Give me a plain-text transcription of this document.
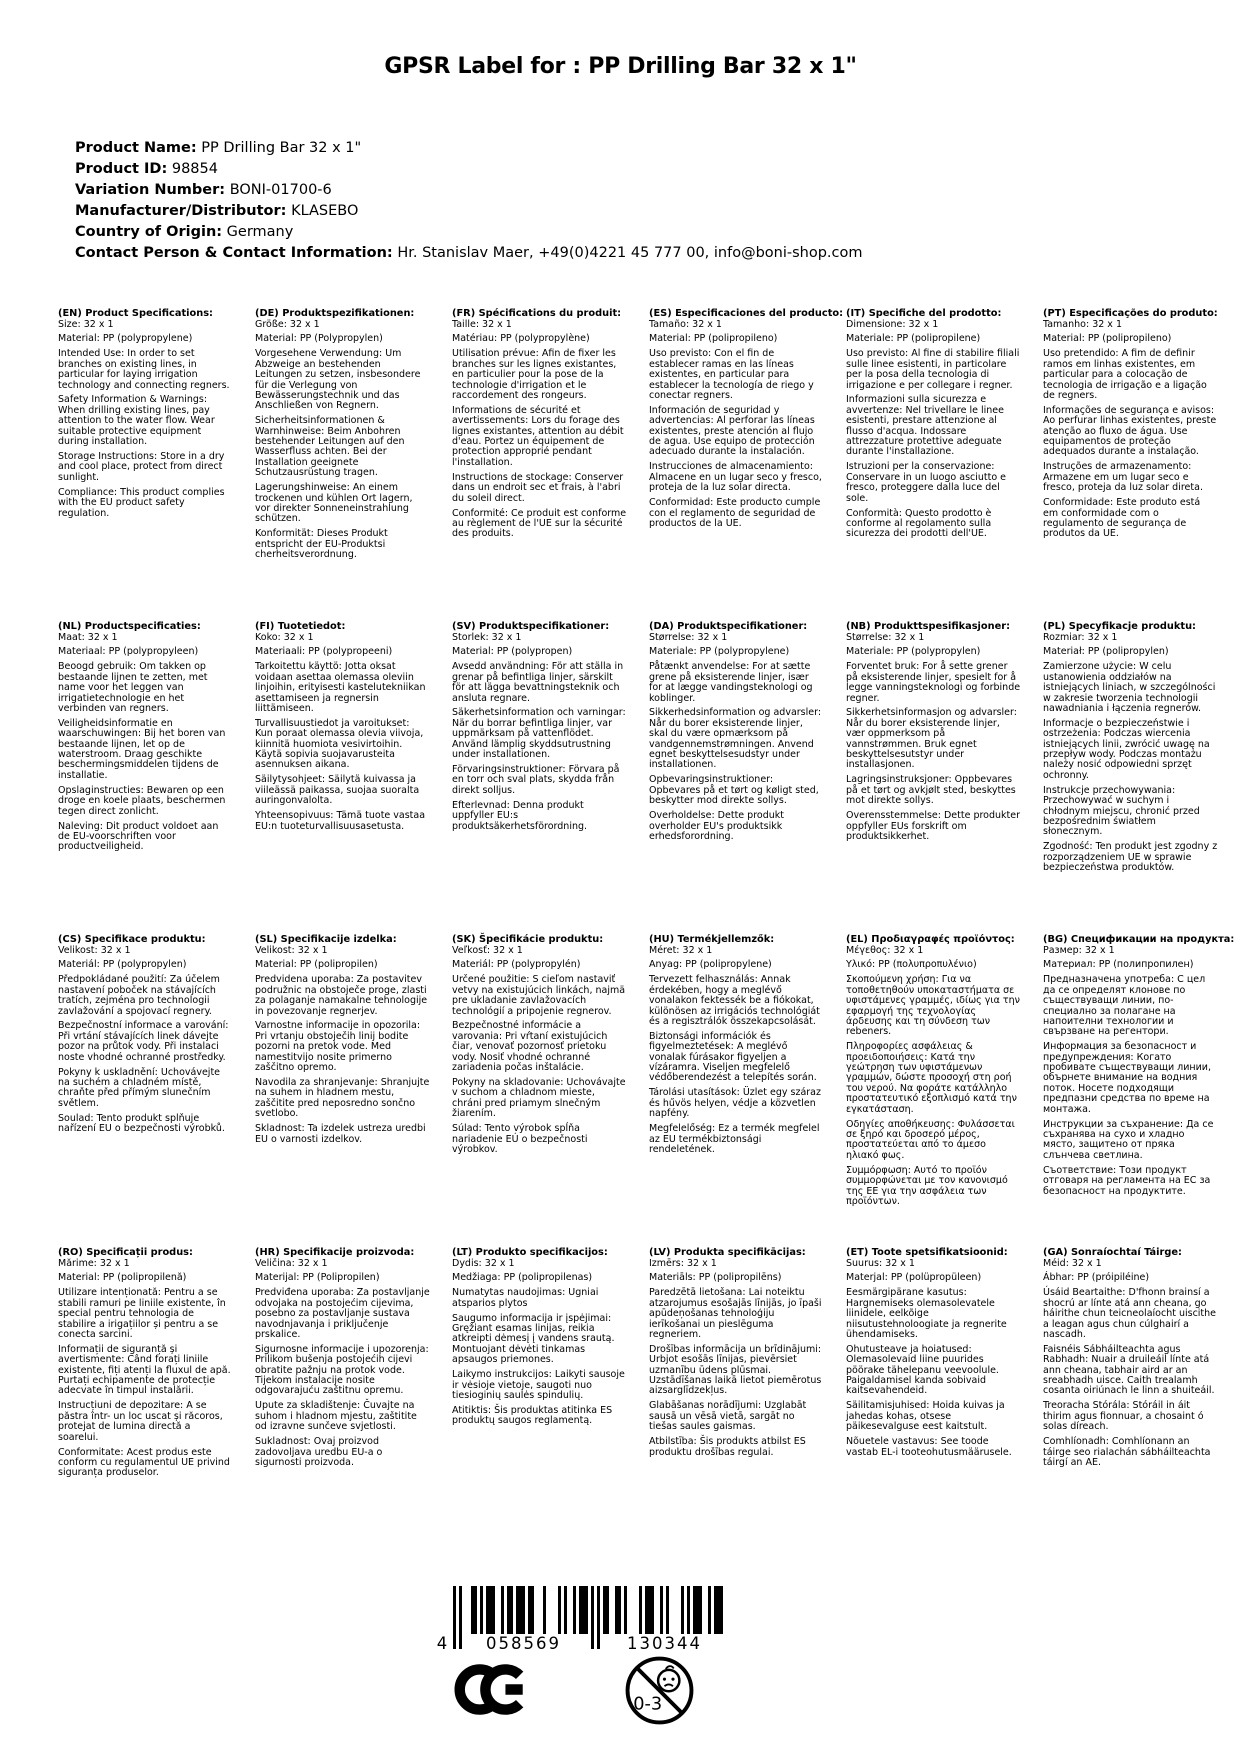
GPSR Label for : PP Drilling Bar 32 x 1"
Product Name: PP Drilling Bar 32 x 1"
Product ID: 98854
Variation Number: BONI-01700-6
Manufacturer/Distributor: KLASEBO
Country of Origin: Germany
Contact Person & Contact Information: Hr. Stanislav Maer, +49(0)4221 45 777 00, info@boni-shop.com
(EN) Product Specifications:

Size: 32 x 1

Material: PP (polypropylene)

Intended Use: In order to set branches on existing lines, in particular for laying irrigation technology and connecting regners.

Safety Information & Warnings: When drilling existing lines, pay attention to the water flow. Wear suitable protective equipment during installation.

Storage Instructions: Store in a dry and cool place, protect from direct sunlight.

Compliance: This product complies with the EU product safety regulation.

(DE) Produktspezifikationen:

Größe: 32 x 1

Material: PP (Polypropylen)

Vorgesehene Verwendung: Um Abzweige an bestehenden Leitungen zu setzen, insbesondere für die Verlegung von Bewässerungstechnik und das Anschließen von Regnern.

Sicherheitsinformationen & Warnhinweise: Beim Anbohren bestehender Leitungen auf den Wasserfluss achten. Bei der Installation geeignete Schutzausrüstung tragen.

Lagerungshinweise: An einem trockenen und kühlen Ort lagern, vor direkter Sonneneinstrahlung schützen.

Konformität: Dieses Produkt entspricht der EU-Produktsi cherheitsverordnung.

(FR) Spécifications du produit:

Taille: 32 x 1

Matériau: PP (polypropylène)

Utilisation prévue: Afin de fixer les branches sur les lignes existantes, en particulier pour la pose de la technologie d'irrigation et le raccordement des rongeurs.

Informations de sécurité et avertissements: Lors du forage des lignes existantes, attention au débit d'eau. Portez un équipement de protection approprié pendant l'installation.

Instructions de stockage: Conserver dans un endroit sec et frais, à l'abri du soleil direct.

Conformité: Ce produit est conforme au règlement de l'UE sur la sécurité des produits.

(ES) Especificaciones del producto:

Tamaño: 32 x 1

Material: PP (polipropileno)

Uso previsto: Con el fin de establecer ramas en las líneas existentes, en particular para establecer la tecnología de riego y conectar regners.

Información de seguridad y advertencias: Al perforar las líneas existentes, preste atención al flujo de agua. Use equipo de protección adecuado durante la instalación.

Instrucciones de almacenamiento: Almacene en un lugar seco y fresco, proteja de la luz solar directa.

Conformidad: Este producto cumple con el reglamento de seguridad de productos de la UE.

(IT) Specifiche del prodotto:

Dimensione: 32 x 1

Materiale: PP (polipropilene)

Uso previsto: Al fine di stabilire filiali sulle linee esistenti, in particolare per la posa della tecnologia di irrigazione e per collegare i regner.

Informazioni sulla sicurezza e avvertenze: Nel trivellare le linee esistenti, prestare attenzione al flusso d'acqua. Indossare attrezzature protettive adeguate durante l'installazione.

Istruzioni per la conservazione: Conservare in un luogo asciutto e fresco, proteggere dalla luce del sole.

Conformità: Questo prodotto è conforme al regolamento sulla sicurezza dei prodotti dell'UE.

(PT) Especificações do produto:

Tamanho: 32 x 1

Material: PP (polipropileno)

Uso pretendido: A fim de definir ramos em linhas existentes, em particular para a colocação de tecnologia de irrigação e a ligação de regners.

Informações de segurança e avisos: Ao perfurar linhas existentes, preste atenção ao fluxo de água. Use equipamentos de proteção adequados durante a instalação.

Instruções de armazenamento: Armazene em um lugar seco e fresco, proteja da luz solar direta.

Conformidade: Este produto está em conformidade com o regulamento de segurança de produtos da UE.

(NL) Productspecificaties:

Maat: 32 x 1

Materiaal: PP (polypropyleen)

Beoogd gebruik: Om takken op bestaande lijnen te zetten, met name voor het leggen van irrigatietechnologie en het verbinden van regners.

Veiligheidsinformatie en waarschuwingen: Bij het boren van bestaande lijnen, let op de waterstroom. Draag geschikte beschermingsmiddelen tijdens de installatie.

Opslaginstructies: Bewaren op een droge en koele plaats, beschermen tegen direct zonlicht.

Naleving: Dit product voldoet aan de EU-voorschriften voor productveiligheid.

(FI) Tuotetiedot:

Koko: 32 x 1

Materiaali: PP (polypropeeni)

Tarkoitettu käyttö: Jotta oksat voidaan asettaa olemassa oleviin linjoihin, erityisesti kastelutekniikan asettamiseen ja regnersin liittämiseen.

Turvallisuustiedot ja varoitukset: Kun poraat olemassa olevia viivoja, kiinnitä huomiota vesivirtoihin. Käytä sopivia suojavarusteita asennuksen aikana.

Säilytysohjeet: Säilytä kuivassa ja viileässä paikassa, suojaa suoralta auringonvalolta.

Yhteensopivuus: Tämä tuote vastaa EU:n tuoteturvallisuusasetusta.

(SV) Produktspecifikationer:

Storlek: 32 x 1

Material: PP (polypropen)

Avsedd användning: För att ställa in grenar på befintliga linjer, särskilt för att lägga bevattningsteknik och ansluta regnare.

Säkerhetsinformation och varningar: När du borrar befintliga linjer, var uppmärksam på vattenflödet. Använd lämplig skyddsutrustning under installationen.

Förvaringsinstruktioner: Förvara på en torr och sval plats, skydda från direkt solljus.

Efterlevnad: Denna produkt uppfyller EU:s produktsäkerhetsförordning.

(DA) Produktspecifikationer:

Størrelse: 32 x 1

Materiale: PP (polypropylene)

Påtænkt anvendelse: For at sætte grene på eksisterende linjer, især for at lægge vandingsteknologi og koblinger.

Sikkerhedsinformation og advarsler: Når du borer eksisterende linjer, skal du være opmærksom på vandgennemstrømningen. Anvend egnet beskyttelsesudstyr under installationen.

Opbevaringsinstruktioner: Opbevares på et tørt og køligt sted, beskytter mod direkte sollys.

Overholdelse: Dette produkt overholder EU's produktsikk erhedsforordning.

(NB) Produkttspesifikasjoner:

Størrelse: 32 x 1

Materiale: PP (polypropylen)

Forventet bruk: For å sette grener på eksisterende linjer, spesielt for å legge vanningsteknologi og forbinde regner.

Sikkerhetsinformasjon og advarsler: Når du borer eksisterende linjer, vær oppmerksom på vannstrømmen. Bruk egnet beskyttelsesutstyr under installasjonen.

Lagringsinstruksjoner: Oppbevares på et tørt og avkjølt sted, beskyttes mot direkte sollys.

Overensstemmelse: Dette produkter oppfyller EUs forskrift om produktsikkerhet.

(PL) Specyfikacje produktu:

Rozmiar: 32 x 1

Materiał: PP (polipropylen)

Zamierzone użycie: W celu ustanowienia oddziałów na istniejących liniach, w szczególności w zakresie tworzenia technologii nawadniania i łączenia regnerów.

Informacje o bezpieczeństwie i ostrzeżenia: Podczas wiercenia istniejących linii, zwrócić uwagę na przepływ wody. Podczas montażu należy nosić odpowiedni sprzęt ochronny.

Instrukcje przechowywania: Przechowywać w suchym i chłodnym miejscu, chronić przed bezpośrednim światłem słonecznym.

Zgodność: Ten produkt jest zgodny z rozporządzeniem UE w sprawie bezpieczeństwa produktów.

(CS) Specifikace produktu:

Velikost: 32 x 1

Materiál: PP (polypropylen)

Předpokládané použití: Za účelem nastavení poboček na stávajících tratích, zejména pro technologii zavlažování a spojovací regnery.

Bezpečnostní informace a varování: Při vrtání stávajících linek dávejte pozor na průtok vody. Při instalaci noste vhodné ochranné prostředky.

Pokyny k uskladnění: Uchovávejte na suchém a chladném místě, chraňte před přímým slunečním světlem.

Soulad: Tento produkt splňuje nařízení EU o bezpečnosti výrobků.

(SL) Specifikacije izdelka:

Velikost: 32 x 1

Material: PP (polipropilen)

Predvidena uporaba: Za postavitev podružnic na obstoječe proge, zlasti za polaganje namakalne tehnologije in povezovanje regnerjev.

Varnostne informacije in opozorila: Pri vrtanju obstoječih linij bodite pozorni na pretok vode. Med namestitvijo nosite primerno zaščitno opremo.

Navodila za shranjevanje: Shranjujte na suhem in hladnem mestu, zaščitite pred neposredno sončno svetlobo.

Skladnost: Ta izdelek ustreza uredbi EU o varnosti izdelkov.

(SK) Špecifikácie produktu:

Veľkosť: 32 x 1

Materiál: PP (polypropylén)

Určené použitie: S cieľom nastaviť vetvy na existujúcich linkách, najmä pre ukladanie zavlažovacích technológií a pripojenie regnerov.

Bezpečnostné informácie a varovania: Pri vŕtaní existujúcich čiar, venovať pozornosť prietoku vody. Nosiť vhodné ochranné zariadenia počas inštalácie.

Pokyny na skladovanie: Uchovávajte v suchom a chladnom mieste, chráni pred priamym slnečným žiarením.

Súlad: Tento výrobok spĺňa nariadenie EÚ o bezpečnosti výrobkov.

(HU) Termékjellemzők:

Méret: 32 x 1

Anyag: PP (polipropylene)

Tervezett felhasználás: Annak érdekében, hogy a meglévő vonalakon fektessék be a fiókokat, különösen az irrigációs technológiát és a regisztrálók összekapcsolását.

Biztonsági információk és figyelmeztetések: A meglévő vonalak fúrásakor figyeljen a vízáramra. Viseljen megfelelő védőberendezést a telepítés során.

Tárolási utasítások: Üzlet egy száraz és hűvös helyen, védje a közvetlen napfény.

Megfelelőség: Ez a termék megfelel az EU termékbiztonsági rendeletének.

(EL) Προδιαγραφές προϊόντος:

Μέγεθος: 32 x 1

Υλικό: PP (πολυπροπυλένιο)

Σκοπούμενη χρήση: Για να τοποθετηθούν υποκαταστήματα σε υφιστάμενες γραμμές, ιδίως για την εφαρμογή της τεχνολογίας άρδευσης και τη σύνδεση των rebeners.

Πληροφορίες ασφάλειας & προειδοποιήσεις: Κατά την γεώτρηση των υφιστάμενων γραμμών, δώστε προσοχή στη ροή του νερού. Να φοράτε κατάλληλο προστατευτικό εξοπλισμό κατά την εγκατάσταση.

Οδηγίες αποθήκευσης: Φυλάσσεται σε ξηρό και δροσερό μέρος, προστατεύεται από το άμεσο ηλιακό φως.

Συμμόρφωση: Αυτό το προϊόν συμμορφώνεται με τον κανονισμό της ΕΕ για την ασφάλεια των προϊόντων.

(BG) Спецификации на продукта:

Размер: 32 x 1

Материал: PP (полипропилен)

Предназначена употреба: С цел да се определят клонове по съществуващи линии, по-специално за полагане на напоителни технологии и свързване на регентори.

Информация за безопасност и предупреждения: Когато пробивате съществуващи линии, обърнете внимание на водния поток. Носете подходящи предпазни средства по време на монтажа.

Инструкции за съхранение: Да се съхранява на сухо и хладно място, защитено от пряка слънчева светлина.

Съответствие: Този продукт отговаря на регламента на ЕС за безопасност на продуктите.

(RO) Specificații produs:

Mărime: 32 x 1

Material: PP (polipropilenă)

Utilizare intenționată: Pentru a se stabili ramuri pe liniile existente, în special pentru tehnologia de stabilire a irigațiilor și pentru a se conecta sarcini.

Informații de siguranță și avertismente: Când forați liniile existente, fiți atenți la fluxul de apă. Purtați echipamente de protecție adecvate în timpul instalării.

Instrucțiuni de depozitare: A se păstra într- un loc uscat și răcoros, protejat de lumina directă a soarelui.

Conformitate: Acest produs este conform cu regulamentul UE privind siguranța produselor.

(HR) Specifikacije proizvoda:

Veličina: 32 x 1

Materijal: PP (Polipropilen)

Predviđena uporaba: Za postavljanje odvojaka na postojećim cijevima, posebno za postavljanje sustava navodnjavanja i priključenje prskalice.

Sigurnosne informacije i upozorenja: Prilikom bušenja postojećih cijevi obratite pažnju na protok vode. Tijekom instalacije nosite odgovarajuću zaštitnu opremu.

Upute za skladištenje: Čuvajte na suhom i hladnom mjestu, zaštitite od izravne sunčeve svjetlosti.

Sukladnost: Ovaj proizvod zadovoljava uredbu EU-a o sigurnosti proizvoda.

(LT) Produkto specifikacijos:

Dydis: 32 x 1

Medžiaga: PP (polipropilenas)

Numatytas naudojimas: Ugniai atsparios plytos

Saugumo informacija ir įspėjimai: Gręžiant esamas linijas, reikia atkreipti dėmesį į vandens srautą. Montuojant dėvėti tinkamas apsaugos priemones.

Laikymo instrukcijos: Laikyti sausoje ir vėsioje vietoje, saugoti nuo tiesioginių saulės spindulių.

Atitiktis: Šis produktas atitinka ES produktų saugos reglamentą.

(LV) Produkta specifikācijas:

Izmērs: 32 x 1

Materiāls: PP (polipropilēns)

Paredzētā lietošana: Lai noteiktu atzarojumus esošajās līnijās, jo īpaši apūdeņošanas tehnoloģiju ierīkošanai un pieslēguma regneriem.

Drošības informācija un brīdinājumi: Urbjot esošās līnijas, pievērsiet uzmanību ūdens plūsmai. Uzstādīšanas laikā lietot piemērotus aizsarglīdzekļus.

Glabāšanas norādījumi: Uzglabāt sausā un vēsā vietā, sargāt no tiešas saules gaismas.

Atbilstība: Šis produkts atbilst ES produktu drošības regulai.

(ET) Toote spetsifikatsioonid:

Suurus: 32 x 1

Materjal: PP (polüpropüleen)

Eesmärgipärane kasutus: Hargnemiseks olemasolevatele liinidele, eelkõige niisutustehnoloogiate ja regnerite ühendamiseks.

Ohutusteave ja hoiatused: Olemasolevaid liine puurides pöörake tähelepanu veevoolule. Paigaldamisel kanda sobivaid kaitsevahendeid.

Säilitamisjuhised: Hoida kuivas ja jahedas kohas, otsese päikesevalguse eest kaitstult.

Nõuetele vastavus: See toode vastab EL-i tooteohutusmäärusele.

(GA) Sonraíochtaí Táirge:

Méid: 32 x 1

Ábhar: PP (próipiléine)

Úsáid Beartaithe: D'fhonn brainsí a shocrú ar línte atá ann cheana, go háirithe chun teicneolaíocht uiscithe a leagan agus chun cúlghairí a nascadh.

Faisnéis Sábháilteachta agus Rabhadh: Nuair a druileáil línte atá ann cheana, tabhair aird ar an sreabhadh uisce. Caith trealamh cosanta oiriúnach le linn a shuiteáil.

Treoracha Stórála: Stóráil in áit thirim agus fionnuar, a chosaint ó solas díreach.

Comhlíonadh: Comhlíonann an táirge seo rialachán sábháilteachta táirgí an AE.

4 058569	130344
0-3
